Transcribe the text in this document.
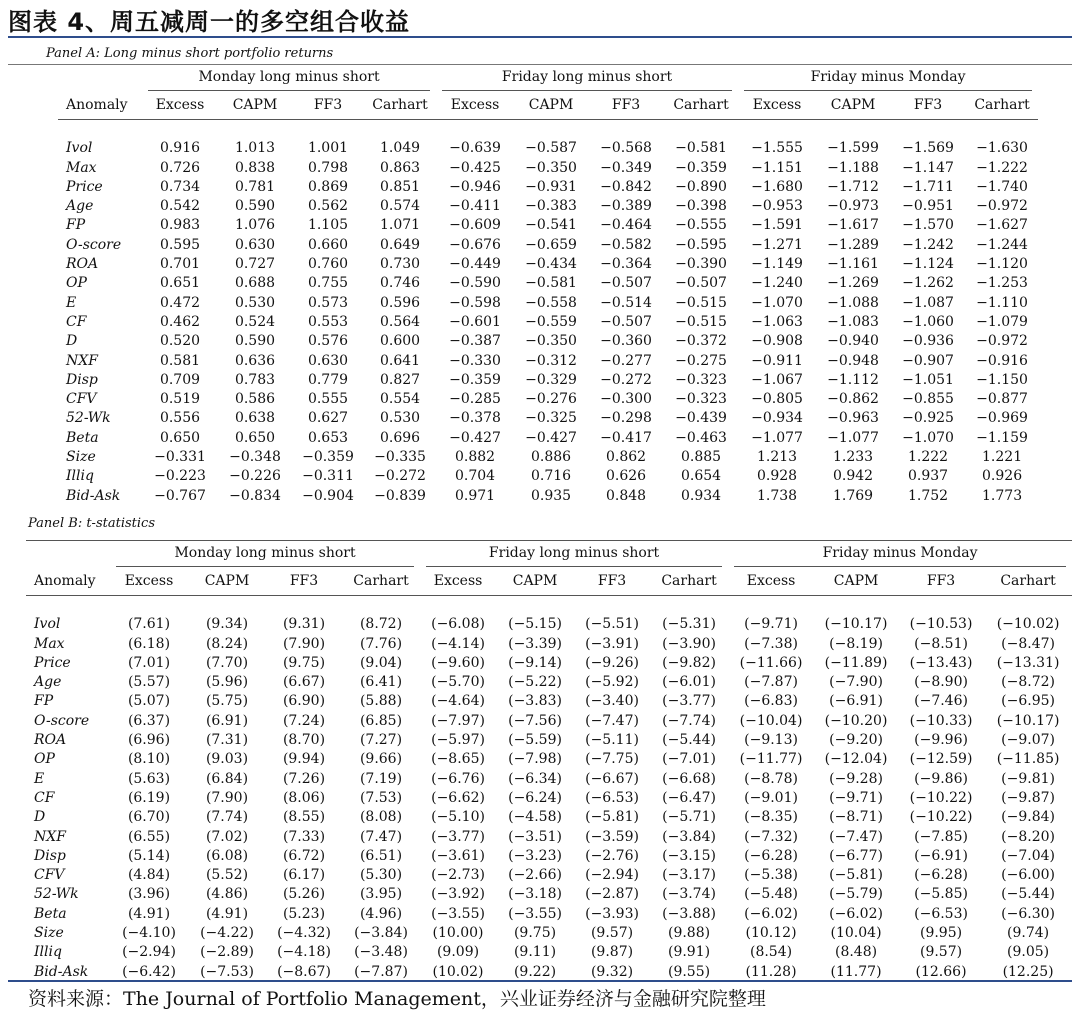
图表 4、周五减周一的多空组合收益
Panel A: Long minus short portfolio returns

	Monday long minus short				Friday long minus short				Friday minus Monday			

Anomaly	Excess	CAPM	FF3	Carhart	Excess	CAPM	FF3	Carhart	Excess	CAPM	FF3	Carhart

Ivol	0.916	1.013	1.001	1.049	−0.639	−0.587	−0.568	−0.581	−1.555	−1.599	−1.569	−1.630
Max	0.726	0.838	0.798	0.863	−0.425	−0.350	−0.349	−0.359	−1.151	−1.188	−1.147	−1.222
Price	0.734	0.781	0.869	0.851	−0.946	−0.931	−0.842	−0.890	−1.680	−1.712	−1.711	−1.740
Age	0.542	0.590	0.562	0.574	−0.411	−0.383	−0.389	−0.398	−0.953	−0.973	−0.951	−0.972
FP	0.983	1.076	1.105	1.071	−0.609	−0.541	−0.464	−0.555	−1.591	−1.617	−1.570	−1.627
O-score	0.595	0.630	0.660	0.649	−0.676	−0.659	−0.582	−0.595	−1.271	−1.289	−1.242	−1.244
ROA	0.701	0.727	0.760	0.730	−0.449	−0.434	−0.364	−0.390	−1.149	−1.161	−1.124	−1.120
OP	0.651	0.688	0.755	0.746	−0.590	−0.581	−0.507	−0.507	−1.240	−1.269	−1.262	−1.253
E	0.472	0.530	0.573	0.596	−0.598	−0.558	−0.514	−0.515	−1.070	−1.088	−1.087	−1.110
CF	0.462	0.524	0.553	0.564	−0.601	−0.559	−0.507	−0.515	−1.063	−1.083	−1.060	−1.079
D	0.520	0.590	0.576	0.600	−0.387	−0.350	−0.360	−0.372	−0.908	−0.940	−0.936	−0.972
NXF	0.581	0.636	0.630	0.641	−0.330	−0.312	−0.277	−0.275	−0.911	−0.948	−0.907	−0.916
Disp	0.709	0.783	0.779	0.827	−0.359	−0.329	−0.272	−0.323	−1.067	−1.112	−1.051	−1.150
CFV	0.519	0.586	0.555	0.554	−0.285	−0.276	−0.300	−0.323	−0.805	−0.862	−0.855	−0.877
52-Wk	0.556	0.638	0.627	0.530	−0.378	−0.325	−0.298	−0.439	−0.934	−0.963	−0.925	−0.969
Beta	0.650	0.650	0.653	0.696	−0.427	−0.427	−0.417	−0.463	−1.077	−1.077	−1.070	−1.159
Size	−0.331	−0.348	−0.359	−0.335	0.882	0.886	0.862	0.885	1.213	1.233	1.222	1.221
Illiq	−0.223	−0.226	−0.311	−0.272	0.704	0.716	0.626	0.654	0.928	0.942	0.937	0.926
Bid-Ask	−0.767	−0.834	−0.904	−0.839	0.971	0.935	0.848	0.934	1.738	1.769	1.752	1.773
Panel B: t-statistics

	Monday long minus short				Friday long minus short				Friday minus Monday			

Anomaly	Excess	CAPM	FF3	Carhart	Excess	CAPM	FF3	Carhart	Excess	CAPM	FF3	Carhart

Ivol	(7.61)	(9.34)	(9.31)	(8.72)	(−6.08)	(−5.15)	(−5.51)	(−5.31)	(−9.71)	(−10.17)	(−10.53)	(−10.02)
Max	(6.18)	(8.24)	(7.90)	(7.76)	(−4.14)	(−3.39)	(−3.91)	(−3.90)	(−7.38)	(−8.19)	(−8.51)	(−8.47)
Price	(7.01)	(7.70)	(9.75)	(9.04)	(−9.60)	(−9.14)	(−9.26)	(−9.82)	(−11.66)	(−11.89)	(−13.43)	(−13.31)
Age	(5.57)	(5.96)	(6.67)	(6.41)	(−5.70)	(−5.22)	(−5.92)	(−6.01)	(−7.87)	(−7.90)	(−8.90)	(−8.72)
FP	(5.07)	(5.75)	(6.90)	(5.88)	(−4.64)	(−3.83)	(−3.40)	(−3.77)	(−6.83)	(−6.91)	(−7.46)	(−6.95)
O-score	(6.37)	(6.91)	(7.24)	(6.85)	(−7.97)	(−7.56)	(−7.47)	(−7.74)	(−10.04)	(−10.20)	(−10.33)	(−10.17)
ROA	(6.96)	(7.31)	(8.70)	(7.27)	(−5.97)	(−5.59)	(−5.11)	(−5.44)	(−9.13)	(−9.20)	(−9.96)	(−9.07)
OP	(8.10)	(9.03)	(9.94)	(9.66)	(−8.65)	(−7.98)	(−7.75)	(−7.01)	(−11.77)	(−12.04)	(−12.59)	(−11.85)
E	(5.63)	(6.84)	(7.26)	(7.19)	(−6.76)	(−6.34)	(−6.67)	(−6.68)	(−8.78)	(−9.28)	(−9.86)	(−9.81)
CF	(6.19)	(7.90)	(8.06)	(7.53)	(−6.62)	(−6.24)	(−6.53)	(−6.47)	(−9.01)	(−9.71)	(−10.22)	(−9.87)
D	(6.70)	(7.74)	(8.55)	(8.08)	(−5.10)	(−4.58)	(−5.81)	(−5.71)	(−8.35)	(−8.71)	(−10.22)	(−9.84)
NXF	(6.55)	(7.02)	(7.33)	(7.47)	(−3.77)	(−3.51)	(−3.59)	(−3.84)	(−7.32)	(−7.47)	(−7.85)	(−8.20)
Disp	(5.14)	(6.08)	(6.72)	(6.51)	(−3.61)	(−3.23)	(−2.76)	(−3.15)	(−6.28)	(−6.77)	(−6.91)	(−7.04)
CFV	(4.84)	(5.52)	(6.17)	(5.30)	(−2.73)	(−2.66)	(−2.94)	(−3.17)	(−5.38)	(−5.81)	(−6.28)	(−6.00)
52-Wk	(3.96)	(4.86)	(5.26)	(3.95)	(−3.92)	(−3.18)	(−2.87)	(−3.74)	(−5.48)	(−5.79)	(−5.85)	(−5.44)
Beta	(4.91)	(4.91)	(5.23)	(4.96)	(−3.55)	(−3.55)	(−3.93)	(−3.88)	(−6.02)	(−6.02)	(−6.53)	(−6.30)
Size	(−4.10)	(−4.22)	(−4.32)	(−3.84)	(10.00)	(9.75)	(9.57)	(9.88)	(10.12)	(10.04)	(9.95)	(9.74)
Illiq	(−2.94)	(−2.89)	(−4.18)	(−3.48)	(9.09)	(9.11)	(9.87)	(9.91)	(8.54)	(8.48)	(9.57)	(9.05)
Bid-Ask	(−6.42)	(−7.53)	(−8.67)	(−7.87)	(10.02)	(9.22)	(9.32)	(9.55)	(11.28)	(11.77)	(12.66)	(12.25)
资料来源：The Journal of Portfolio Management，兴业证券经济与金融研究院整理
